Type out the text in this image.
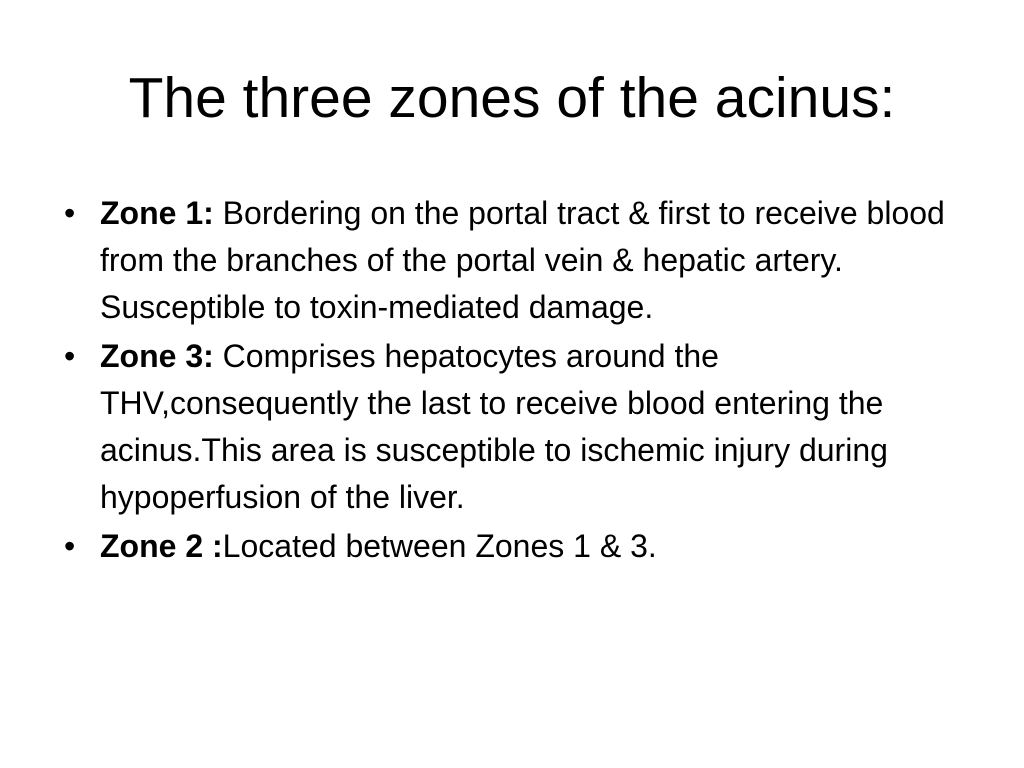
The three zones of the acinus:
• Zone 1: Bordering on the portal tract & first to receive blood from the branches of the portal vein & hepatic artery. Susceptible to toxin-mediated damage.
• Zone 3: Comprises hepatocytes around the THV,consequently the last to receive blood entering the acinus.This area is susceptible to ischemic injury during hypoperfusion of the liver.
• Zone 2 :Located between Zones 1 & 3.
